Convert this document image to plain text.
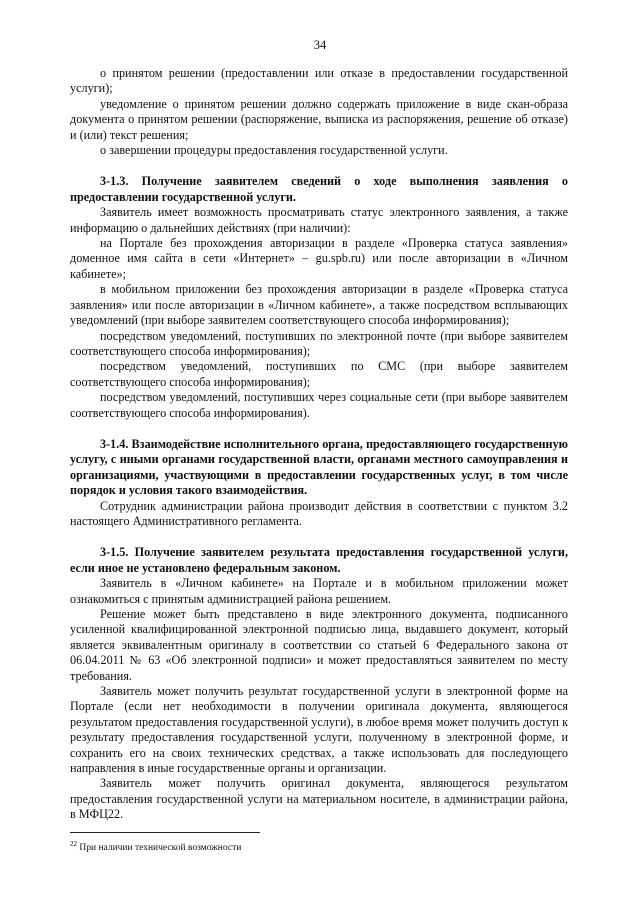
34

о принятом решении (предоставлении или отказе в предоставлении государственной услуги);

уведомление о принятом решении должно содержать приложение в виде скан-образа документа о принятом решении (распоряжение, выписка из распоряжения, решение об отказе) и (или) текст решения;

о завершении процедуры предоставления государственной услуги.

3-1.3. Получение заявителем сведений о ходе выполнения заявления о предоставлении государственной услуги.

Заявитель имеет возможность просматривать статус электронного заявления, а также информацию о дальнейших действиях (при наличии):

на Портале без прохождения авторизации в разделе «Проверка статуса заявления» доменное имя сайта в сети «Интернет» – gu.spb.ru) или после авторизации в «Личном кабинете»;

в мобильном приложении без прохождения авторизации в разделе «Проверка статуса заявления» или после авторизации в «Личном кабинете», а также посредством всплывающих уведомлений (при выборе заявителем соответствующего способа информирования);

посредством уведомлений, поступивших по электронной почте (при выборе заявителем соответствующего способа информирования);

посредством уведомлений, поступивших по СМС (при выборе заявителем соответствующего способа информирования);

посредством уведомлений, поступивших через социальные сети (при выборе заявителем соответствующего способа информирования).

3-1.4. Взаимодействие исполнительного органа, предоставляющего государственную услугу, с иными органами государственной власти, органами местного самоуправления и организациями, участвующими в предоставлении государственных услуг, в том числе порядок и условия такого взаимодействия.

Сотрудник администрации района производит действия в соответствии с пунктом 3.2 настоящего Административного регламента.

3-1.5. Получение заявителем результата предоставления государственной услуги, если иное не установлено федеральным законом.

Заявитель в «Личном кабинете» на Портале и в мобильном приложении может ознакомиться с принятым администрацией района решением.

Решение может быть представлено в виде электронного документа, подписанного усиленной квалифицированной электронной подписью лица, выдавшего документ, который является эквивалентным оригиналу в соответствии со статьей 6 Федерального закона от 06.04.2011 № 63 «Об электронной подписи» и может предоставляться заявителем по месту требования.

Заявитель может получить результат государственной услуги в электронной форме на Портале (если нет необходимости в получении оригинала документа, являющегося результатом предоставления государственной услуги), в любое время может получить доступ к результату предоставления государственной услуги, полученному в электронной форме, и сохранить его на своих технических средствах, а также использовать для последующего направления в иные государственные органы и организации.

Заявитель может получить оригинал документа, являющегося результатом предоставления государственной услуги на материальном носителе, в администрации района, в МФЦ22.

$^{22}$ При наличии технической возможности
